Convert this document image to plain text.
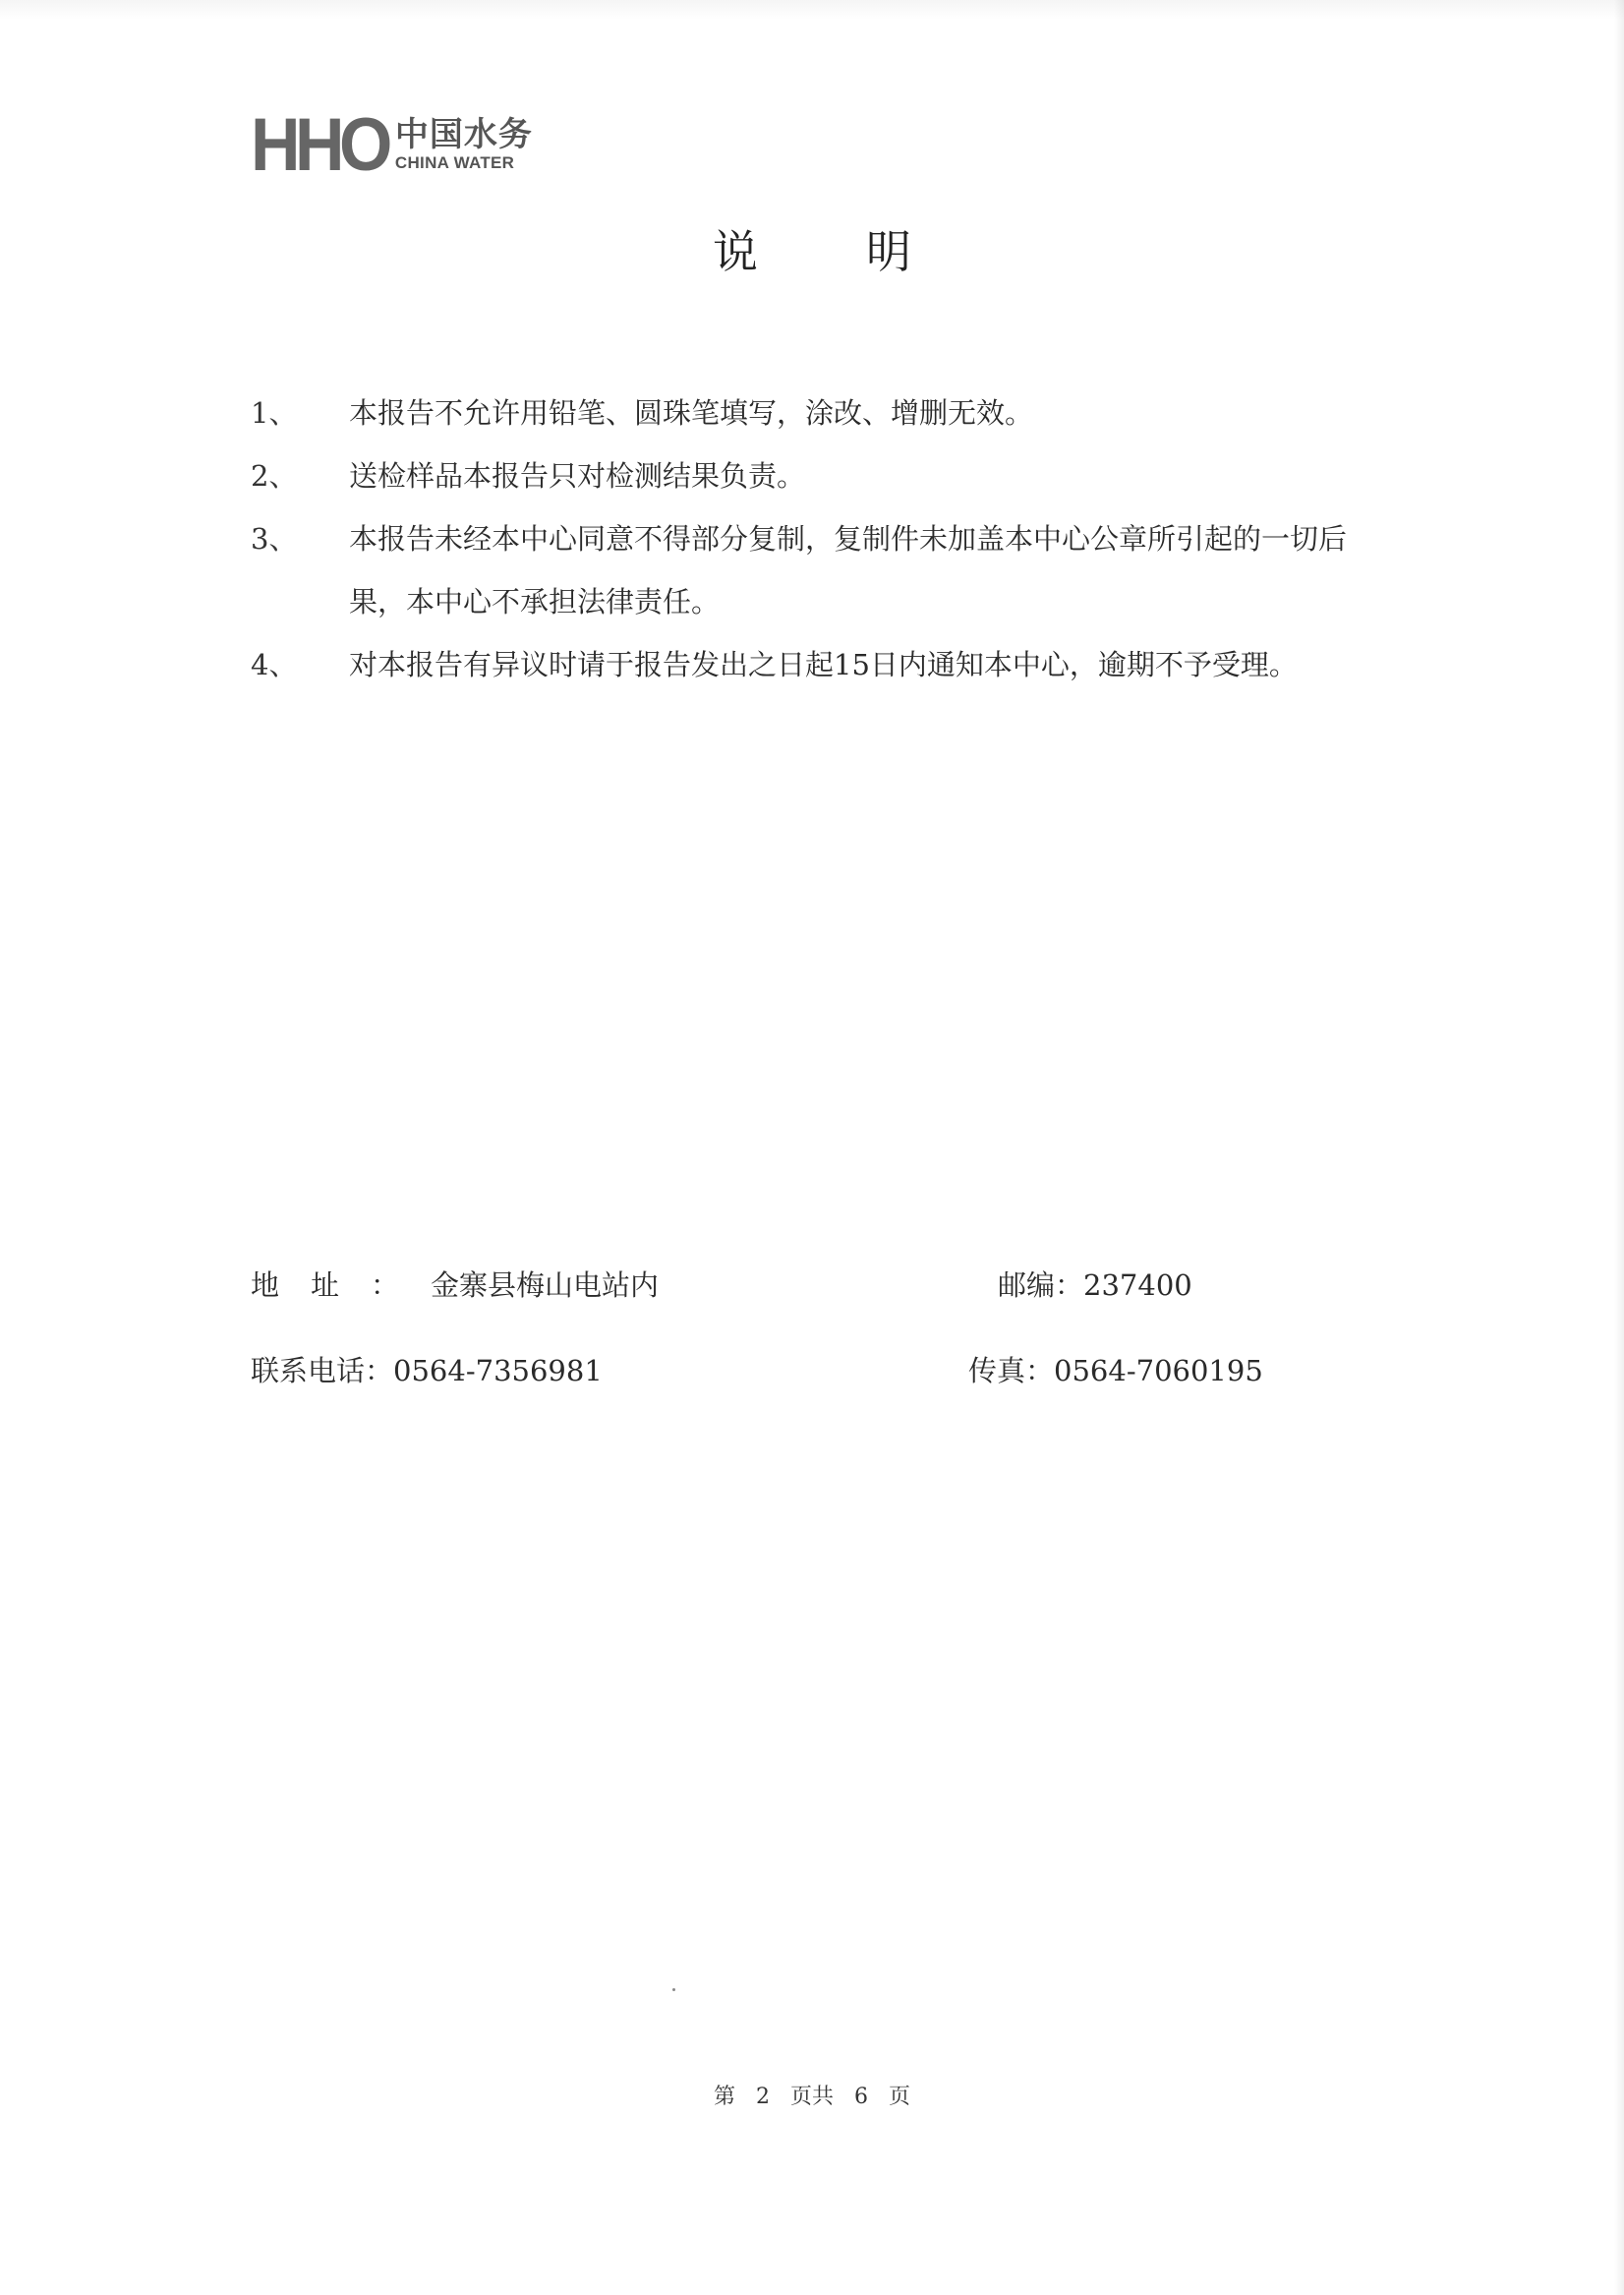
HHO 中国水务
CHINA WATER
说明
1、	本报告不允许用铅笔、圆珠笔填写，涂改、增删无效。
2、	送检样品本报告只对检测结果负责。
3、	本报告未经本中心同意不得部分复制，复制件未加盖本中心公章所引起的一切后果，本中心不承担法律责任。
4、	对本报告有异议时请于报告发出之日起15日内通知本中心，逾期不予受理。
地址：金寨县梅山电站内	邮编：237400
联系电话：0564-7356981	传真：0564-7060195
第 2 页共 6 页
